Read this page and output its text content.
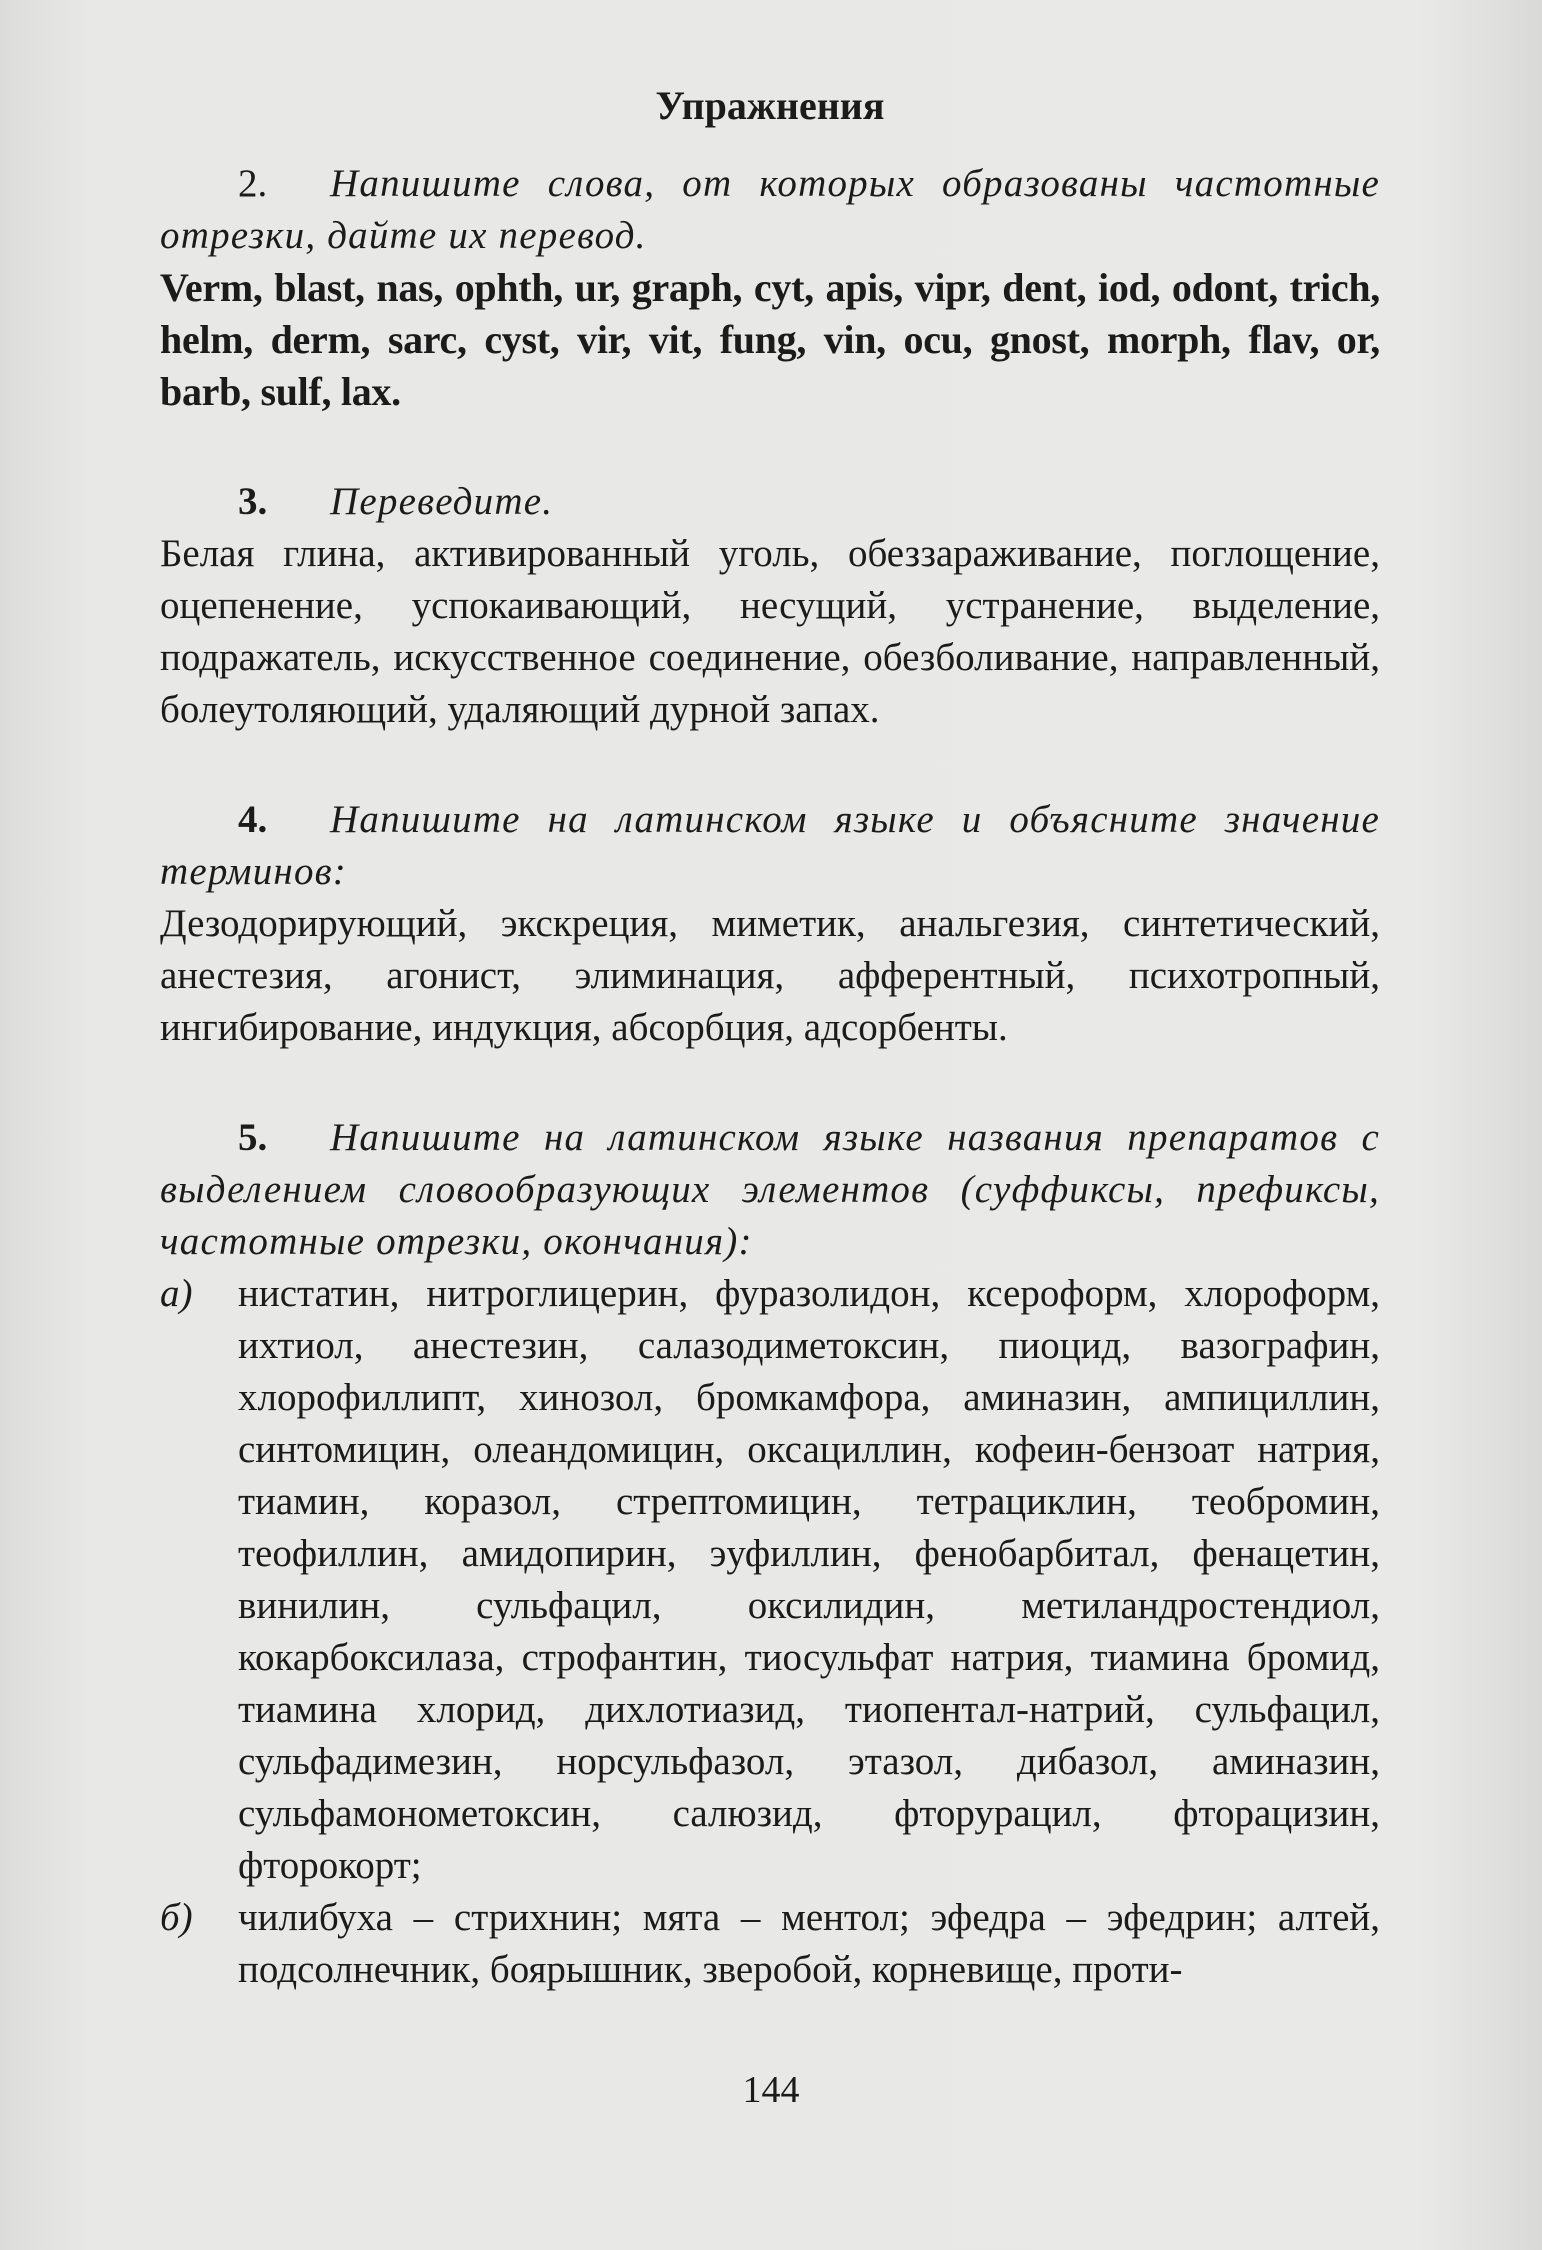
Упражнения
2. Напишите слова, от которых образованы частотные отрезки, дайте их перевод.
Verm, blast, nas, ophth, ur, graph, cyt, apis, vipr, dent, iod, odont, trich, helm, derm, sarc, cyst, vir, vit, fung, vin, ocu, gnost, morph, flav, or, barb, sulf, lax.
3. Переведите.
Белая глина, активированный уголь, обеззараживание, поглощение, оцепенение, успокаивающий, несущий, устранение, выделение, подражатель, искусственное соединение, обезболивание, направленный, болеутоляющий, удаляющий дурной запах.
4. Напишите на латинском языке и объясните значение терминов:
Дезодорирующий, экскреция, миметик, анальгезия, синтетический, анестезия, агонист, элиминация, афферентный, психотропный, ингибирование, индукция, абсорбция, адсорбенты.
5. Напишите на латинском языке названия препаратов с выделением словообразующих элементов (суффиксы, префиксы, частотные отрезки, окончания):
а) нистатин, нитроглицерин, фуразолидон, ксероформ, хлороформ, ихтиол, анестезин, салазодиметоксин, пиоцид, вазографин, хлорофиллипт, хинозол, бромкамфора, аминазин, ампициллин, синтомицин, олеандомицин, оксациллин, кофеин-бензоат натрия, тиамин, коразол, стрептомицин, тетрациклин, теобромин, теофиллин, амидопирин, эуфиллин, фенобарбитал, фенацетин, винилин, сульфацил, оксилидин, метиландростендиол, кокарбоксилаза, строфантин, тиосульфат натрия, тиамина бромид, тиамина хлорид, дихлотиазид, тиопентал-натрий, сульфацил, сульфадимезин, норсульфазол, этазол, дибазол, аминазин, сульфамонометоксин, салюзид, фторурацил, фторацизин, фторокорт;
б) чилибуха – стрихнин; мята – ментол; эфедра – эфедрин; алтей, подсолнечник, боярышник, зверобой, корневище, проти-
144
